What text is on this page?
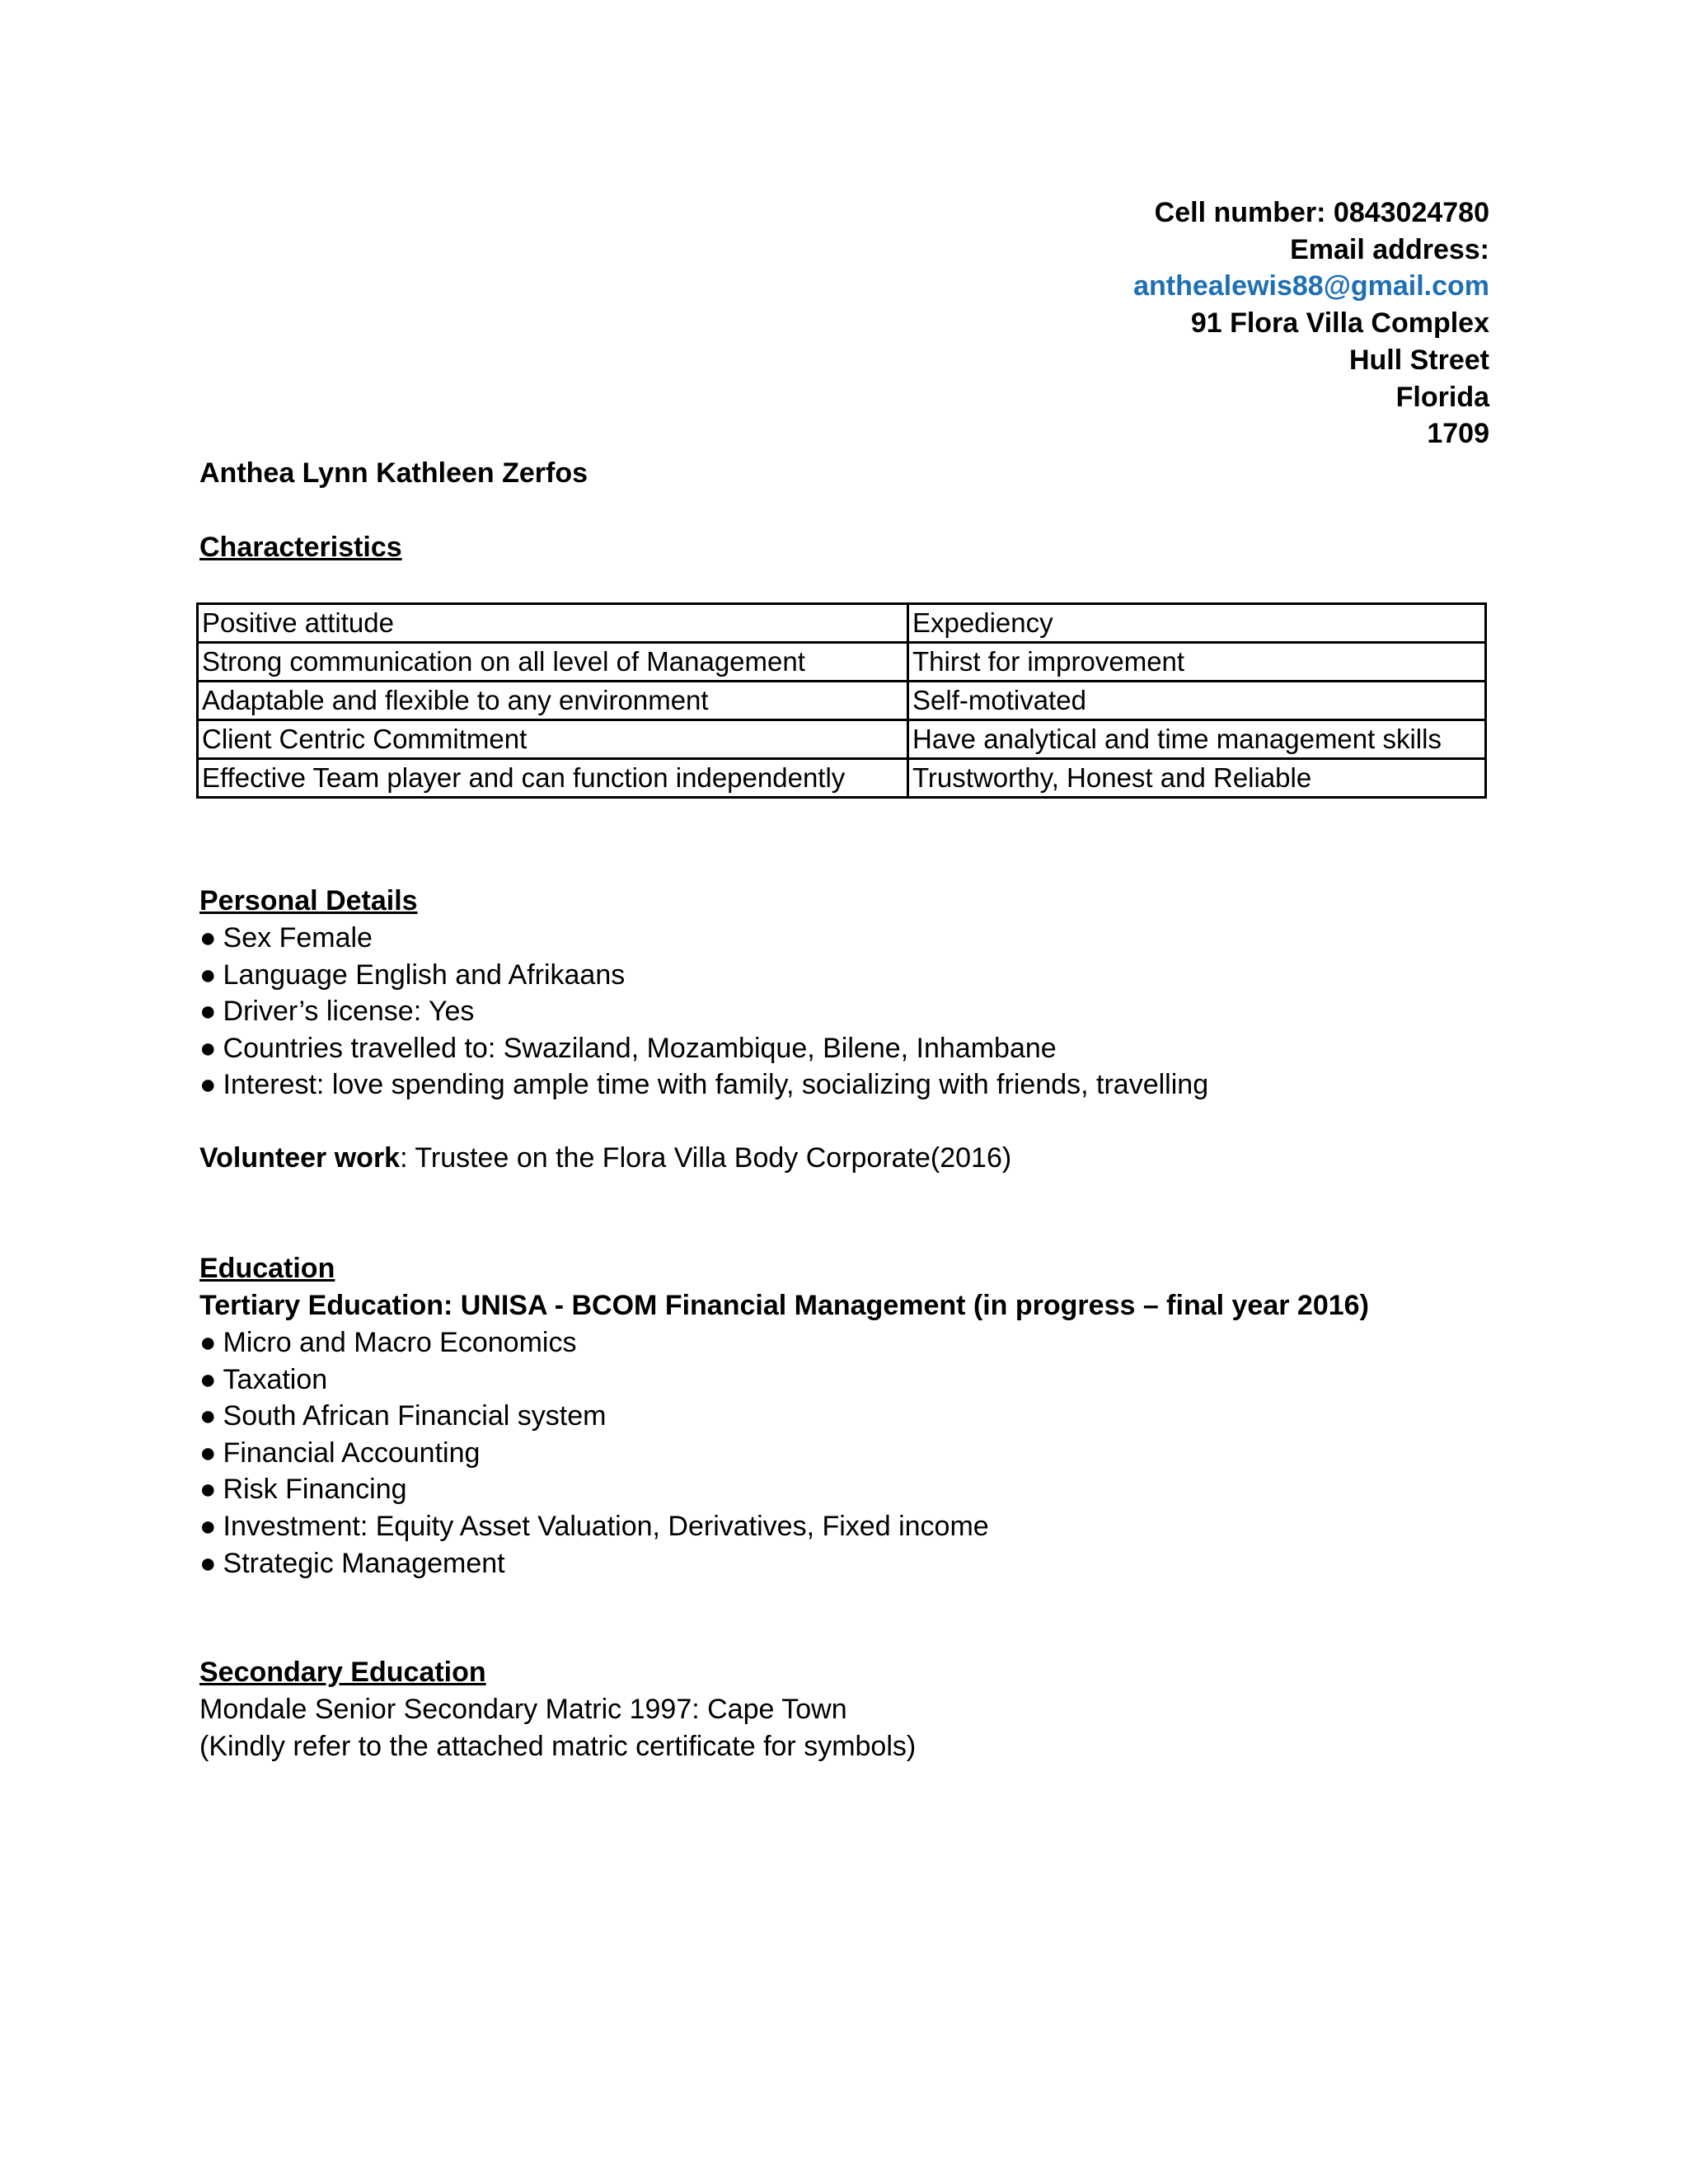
Cell number: 0843024780
Email address:
anthealewis88@gmail.com
91 Flora Villa Complex
Hull Street
Florida
1709
Anthea Lynn Kathleen Zerfos
Characteristics
Positive attitude	Expediency
Strong communication on all level of Management	Thirst for improvement
Adaptable and flexible to any environment	Self-motivated
Client Centric Commitment	Have analytical and time management skills
Effective Team player and can function independently	Trustworthy, Honest and Reliable
Personal Details
● Sex Female
● Language English and Afrikaans
● Driver’s license: Yes
● Countries travelled to: Swaziland, Mozambique, Bilene, Inhambane
● Interest: love spending ample time with family, socializing with friends, travelling
Volunteer work: Trustee on the Flora Villa Body Corporate(2016)
Education
Tertiary Education: UNISA - BCOM Financial Management (in progress – final year 2016)
● Micro and Macro Economics
● Taxation
● South African Financial system
● Financial Accounting
● Risk Financing
● Investment: Equity Asset Valuation, Derivatives, Fixed income
● Strategic Management
Secondary Education
Mondale Senior Secondary Matric 1997: Cape Town
(Kindly refer to the attached matric certificate for symbols)
